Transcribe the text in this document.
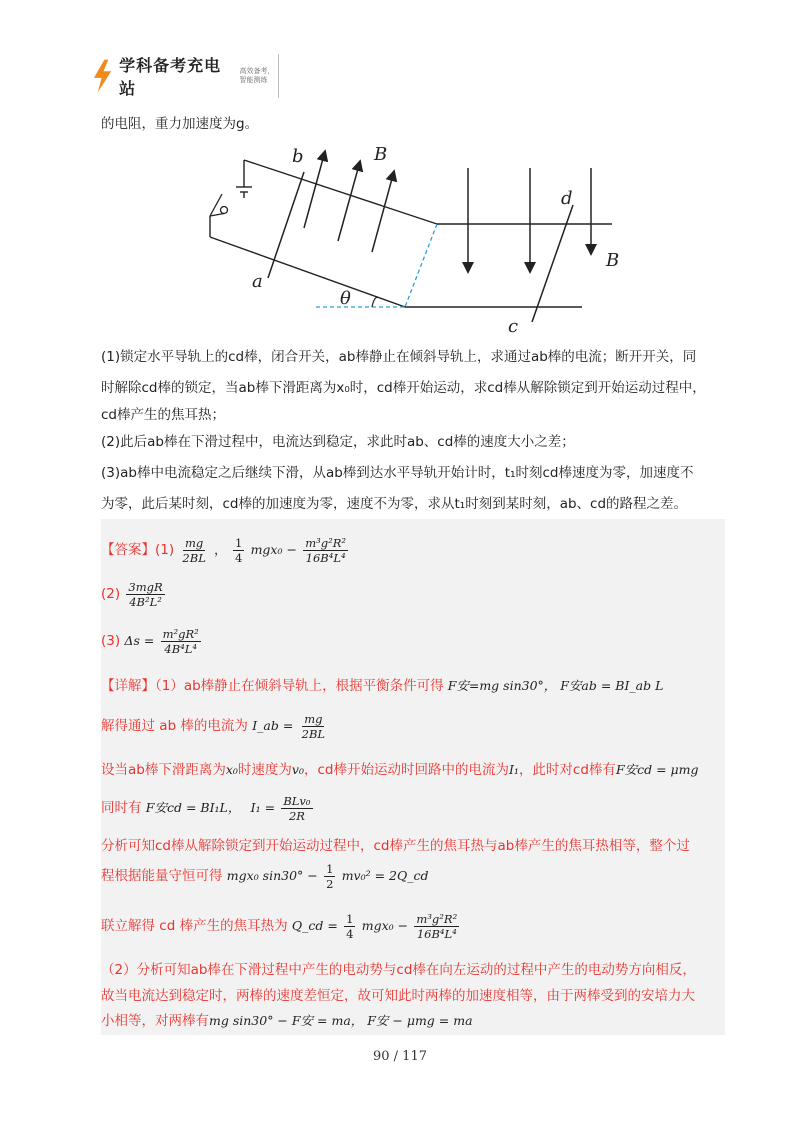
学科备考充电站
高效备考，智能测练
的电阻，重力加速度为g。
b	B
a
θ
d
B
c
(1)锁定水平导轨上的cd棒，闭合开关，ab棒静止在倾斜导轨上，求通过ab棒的电流；断开开关，同
时解除cd棒的锁定，当ab棒下滑距离为x₀时，cd棒开始运动，求cd棒从解除锁定到开始运动过程中，
cd棒产生的焦耳热；
(2)此后ab棒在下滑过程中，电流达到稳定，求此时ab、cd棒的速度大小之差；
(3)ab棒中电流稳定之后继续下滑，从ab棒到达水平导轨开始计时，t₁时刻cd棒速度为零，加速度不
为零，此后某时刻，cd棒的加速度为零，速度不为零，求从t₁时刻到某时刻，ab、cd的路程之差。
【答案】$(1) \frac{mg}{2BL}$ ， $\frac{1}{4} mgx_0 - \frac{\text{m³g²R²}}{\text{16B⁴L⁴}}$
$(2) \frac{\text{3mgR}}{\text{4B²L²}}$
(3) $\Delta s = \frac{\text{m²gR²}}{\text{4B⁴L⁴}}$
【详解】（1）ab棒静止在倾斜导轨上，根据平衡条件可得 F安=mg sin30°， F安ab = BI_ab L
解得通过 ab 棒的电流为 I_ab = $\frac{mg}{2BL}$
设当ab棒下滑距离为x₀时速度为v₀，cd棒开始运动时回路中的电流为I₁，此时对cd棒有F安cd = μmg
同时有 F安cd = BI₁L， $I_1 = \frac{\text{BLv₀}}{2R}$
分析可知cd棒从解除锁定到开始运动过程中，cd棒产生的焦耳热与ab棒产生的焦耳热相等，整个过
程根据能量守恒可得 mgx₀ $\sin 30^\circ - \frac{1}{2} mv_0^2$ = 2Q_cd
联立解得 cd 棒产生的焦耳热为 Q_cd = $\frac{1}{4} mgx_0 - \frac{\text{m³g²R²}}{\text{16B⁴L⁴}}$
（2）分析可知ab棒在下滑过程中产生的电动势与cd棒在向左运动的过程中产生的电动势方向相反，
故当电流达到稳定时，两棒的速度差恒定，故可知此时两棒的加速度相等，由于两棒受到的安培力大
小相等，对两棒有mg sin30° − F安 = ma， F安 − μmg = ma
90 / 117
